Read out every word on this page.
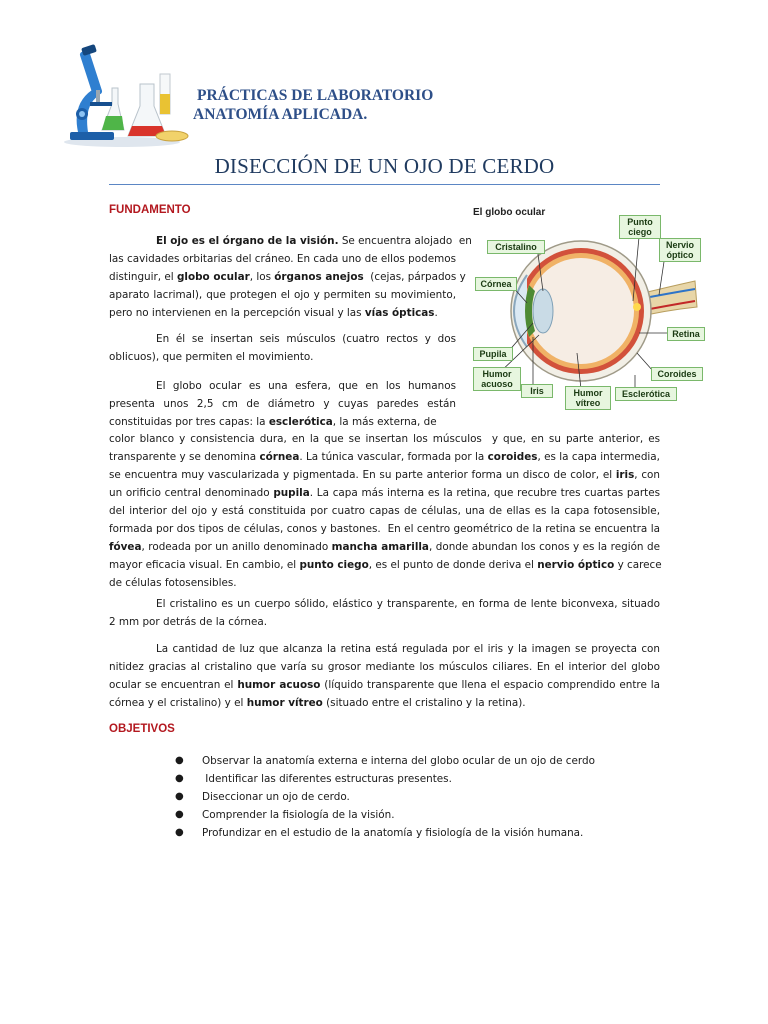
PRÁCTICAS DE LABORATORIO
ANATOMÍA APLICADA.
DISECCIÓN DE UN OJO DE CERDO
FUNDAMENTO	El globo ocular
Punto ciego
Nervio óptico
Cristalino
Córnea
Retina
Pupila
Coroides
Humor acuoso
Iris	Humor vítreo
Esclerótica
El ojo es el órgano de la visión. Se encuentra alojado  en
las cavidades orbitarias del cráneo. En cada uno de ellos podemos
distinguir, el globo ocular, los órganos anejos  (cejas, párpados y
aparato lacrimal), que protegen el ojo y permiten su movimiento,
pero no intervienen en la percepción visual y las vías ópticas.
En él se insertan seis músculos (cuatro rectos y dos
oblicuos), que permiten el movimiento.
El globo ocular es una esfera, que en los humanos
presenta unos 2,5 cm de diámetro y cuyas paredes están
constituidas por tres capas: la esclerótica, la más externa, de
color blanco y consistencia dura, en la que se insertan los músculos  y que, en su parte anterior, es
transparente y se denomina córnea. La túnica vascular, formada por la coroides, es la capa intermedia,
se encuentra muy vascularizada y pigmentada. En su parte anterior forma un disco de color, el iris, con
un orificio central denominado pupila. La capa más interna es la retina, que recubre tres cuartas partes
del interior del ojo y está constituida por cuatro capas de células, una de ellas es la capa fotosensible,
formada por dos tipos de células, conos y bastones.  En el centro geométrico de la retina se encuentra la
fóvea, rodeada por un anillo denominado mancha amarilla, donde abundan los conos y es la región de
mayor eficacia visual. En cambio, el punto ciego, es el punto de donde deriva el nervio óptico y carece
de células fotosensibles.
El cristalino es un cuerpo sólido, elástico y transparente, en forma de lente biconvexa, situado
2 mm por detrás de la córnea.
La cantidad de luz que alcanza la retina está regulada por el iris y la imagen se proyecta con
nitidez gracias al cristalino que varía su grosor mediante los músculos ciliares. En el interior del globo
ocular se encuentran el humor acuoso (líquido transparente que llena el espacio comprendido entre la
córnea y el cristalino) y el humor vítreo (situado entre el cristalino y la retina).
OBJETIVOS
● Observar la anatomía externa e interna del globo ocular de un ojo de cerdo
● Identificar las diferentes estructuras presentes.
● Diseccionar un ojo de cerdo.
● Comprender la fisiología de la visión.
● Profundizar en el estudio de la anatomía y fisiología de la visión humana.
